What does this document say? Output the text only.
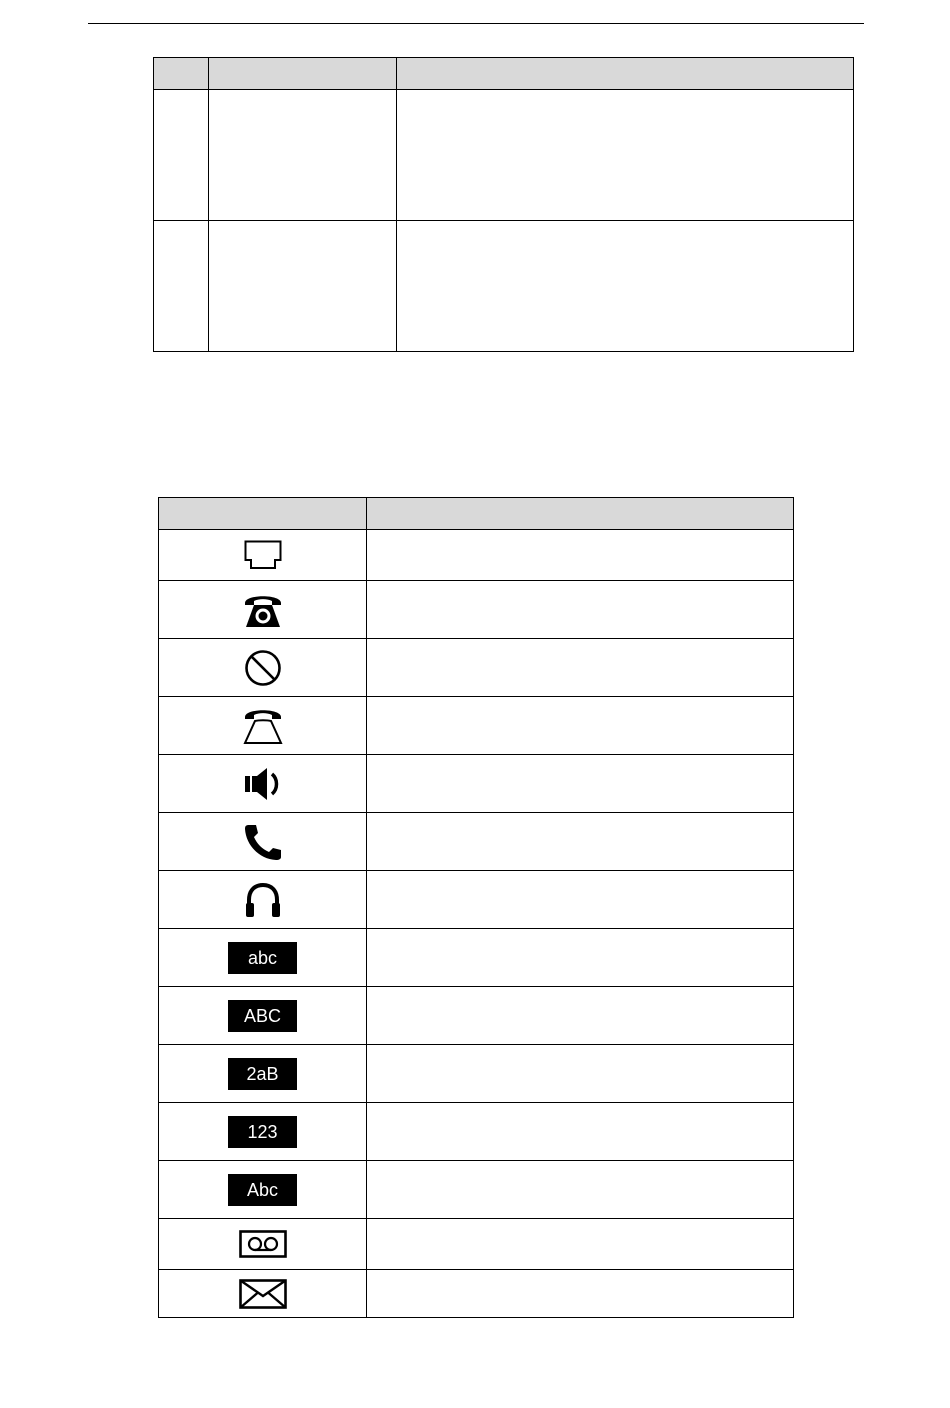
abc	
ABC	
2aB	
123	
Abc	
